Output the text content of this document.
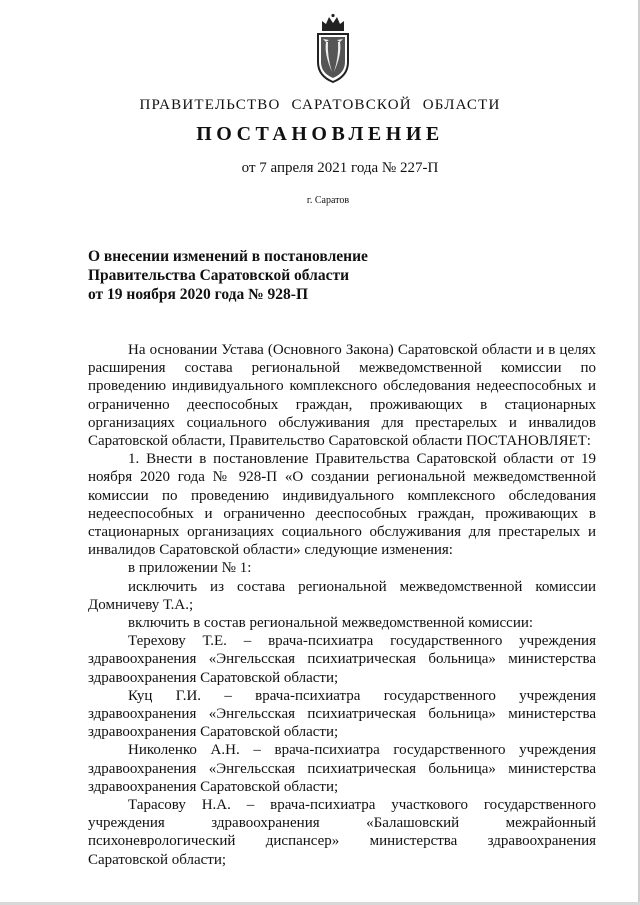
ПРАВИТЕЛЬСТВО САРАТОВСКОЙ ОБЛАСТИ
ПОСТАНОВЛЕНИЕ
от 7 апреля 2021 года № 227-П
г. Саратов
О внесении изменений в постановление
Правительства Саратовской области
от 19 ноября 2020 года № 928-П

На основании Устава (Основного Закона) Саратовской области и в целях расширения состава региональной межведомственной комиссии по проведению индивидуального комплексного обследования недееспособных и ограниченно дееспособных граждан, проживающих в стационарных организациях социального обслуживания для престарелых и инвалидов Саратовской области, Правительство Саратовской области ПОСТАНОВЛЯЕТ:

1. Внести в постановление Правительства Саратовской области от 19 ноября 2020 года № 928-П «О создании региональной межведомственной комиссии по проведению индивидуального комплексного обследования недееспособных и ограниченно дееспособных граждан, проживающих в стационарных организациях социального обслуживания для престарелых и инвалидов Саратовской области» следующие изменения:

в приложении № 1:

исключить из состава региональной межведомственной комиссии Домничеву Т.А.;

включить в состав региональной межведомственной комиссии:

Терехову Т.Е. – врача-психиатра государственного учреждения здравоохранения «Энгельсская психиатрическая больница» министерства здравоохранения Саратовской области;

Куц Г.И. – врача-психиатра государственного учреждения здравоохранения «Энгельсская психиатрическая больница» министерства здравоохранения Саратовской области;

Николенко А.Н. – врача-психиатра государственного учреждения здравоохранения «Энгельсская психиатрическая больница» министерства здравоохранения Саратовской области;

Тарасову Н.А. – врача-психиатра участкового государственного учреждения здравоохранения «Балашовский межрайонный психоневрологический диспансер» министерства здравоохранения Саратовской области;
